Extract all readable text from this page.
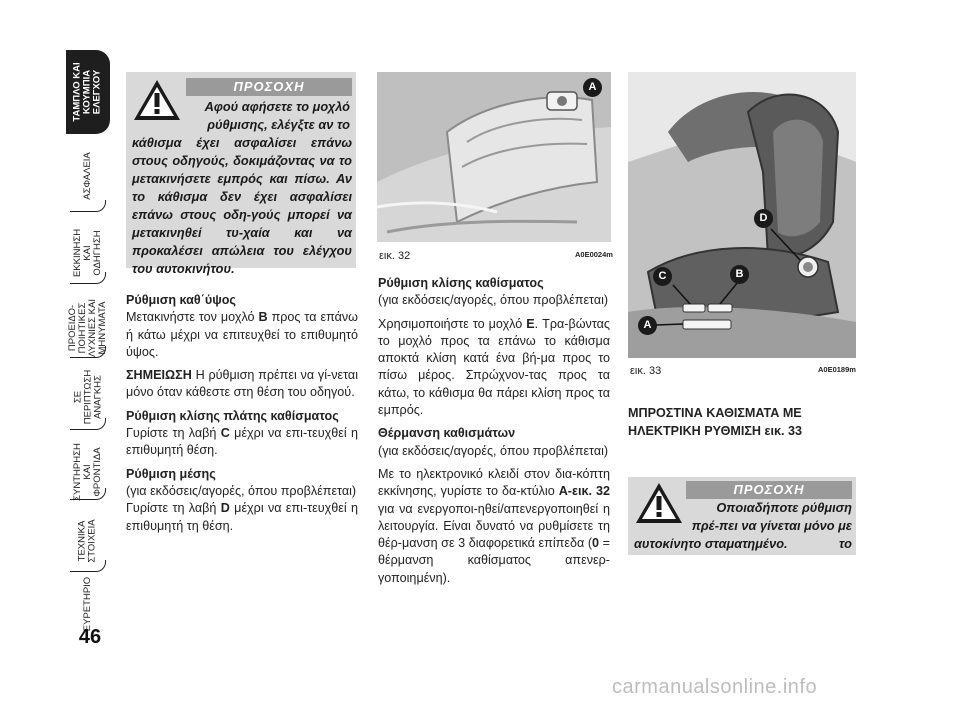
ΤΑΜΠΛΟ ΚΑΙ
ΚΟΥΜΠΙΑ
ΕΛΕΓΧΟΥ
ΑΣΦΑΛΕΙΑ
ΕΚΚΙΝΗΣΗ
ΚΑΙ
ΟΔΗΓΗΣΗ
ΠΡΟΕΙΔΟ-
ΠΟΙΗΤΙΚΕΣ
ΛΥΧΝΙΕΣ ΚΑΙ
ΜΗΝΥΜΑΤΑ
ΣΕ
ΠΕΡΙΠΤΩΣΗ
ΑΝΑΓΚΗΣ
ΣΥΝΤΗΡΗΣΗ
ΚΑΙ
ΦΡΟΝΤΙΔΑ
ΤΕΧΝΙΚΑ
ΣΤΟΙΧΕΙΑ
ΕΥΡΕΤΗΡΙΟ
46
ΠΡΟΣΟΧΗ
Αφού αφήσετε το μοχλό ρύθμισης, ελέγξτε αν το
κάθισμα έχει ασφαλίσει επάνω στους οδηγούς, δοκιμάζοντας να το μετακινήσετε εμπρός και πίσω. Αν το κάθισμα δεν έχει ασφαλίσει επάνω στους οδη-γούς μπορεί να μετακινηθεί τυ-χαία και να προκαλέσει απώλεια του ελέγχου του αυτοκινήτου.

Ρύθμιση καθ΄ύψος
Μετακινήστε τον μοχλό B προς τα επάνω ή κάτω μέχρι να επιτευχθεί το επιθυμητό ύψος.

ΣΗΜΕΙΩΣΗ Η ρύθμιση πρέπει να γί-νεται μόνο όταν κάθεστε στη θέση του οδηγού.

Ρύθμιση κλίσης πλάτης καθίσματος
Γυρίστε τη λαβή C μέχρι να επι-τευχθεί η επιθυμητή θέση.

Ρύθμιση μέσης
(για εκδόσεις/αγορές, όπου προβλέπεται)
Γυρίστε τη λαβή D μέχρι να επι-τευχθεί η επιθυμητή τη θέση.

A
εικ. 32	A0E0024m

Ρύθμιση κλίσης καθίσματος
(για εκδόσεις/αγορές, όπου προβλέπεται)

Χρησιμοποιήστε το μοχλό E. Τρα-βώντας το μοχλό προς τα επάνω το κάθισμα αποκτά κλίση κατά ένα βή-μα προς το πίσω μέρος. Σπρώχνον-τας προς τα κάτω, το κάθισμα θα πάρει κλίση προς τα εμπρός.

Θέρμανση καθισμάτων
(για εκδόσεις/αγορές, όπου προβλέπεται)

Με το ηλεκτρονικό κλειδί στον δια-κόπτη εκκίνησης, γυρίστε το δα-κτύλιο A-εικ. 32 για να ενεργοποι-ηθεί/απενεργοποιηθεί η λειτουργία. Είναι δυνατό να ρυθμίσετε τη θέρ-μανση σε 3 διαφορετικά επίπεδα (0 = θέρμανση καθίσματος απενερ-γοποιημένη).

D
C	B
A
εικ. 33	A0E0189m
ΜΠΡΟΣΤΙΝΑ ΚΑΘΙΣΜΑΤΑ ΜΕ ΗΛΕΚΤΡΙΚΗ ΡΥΘΜΙΣΗ εικ. 33
ΠΡΟΣΟΧΗ
Οποιαδήποτε ρύθμιση πρέ-πει να γίνεται μόνο με το
αυτοκίνητο σταματημένο.
carmanualsonline.info
